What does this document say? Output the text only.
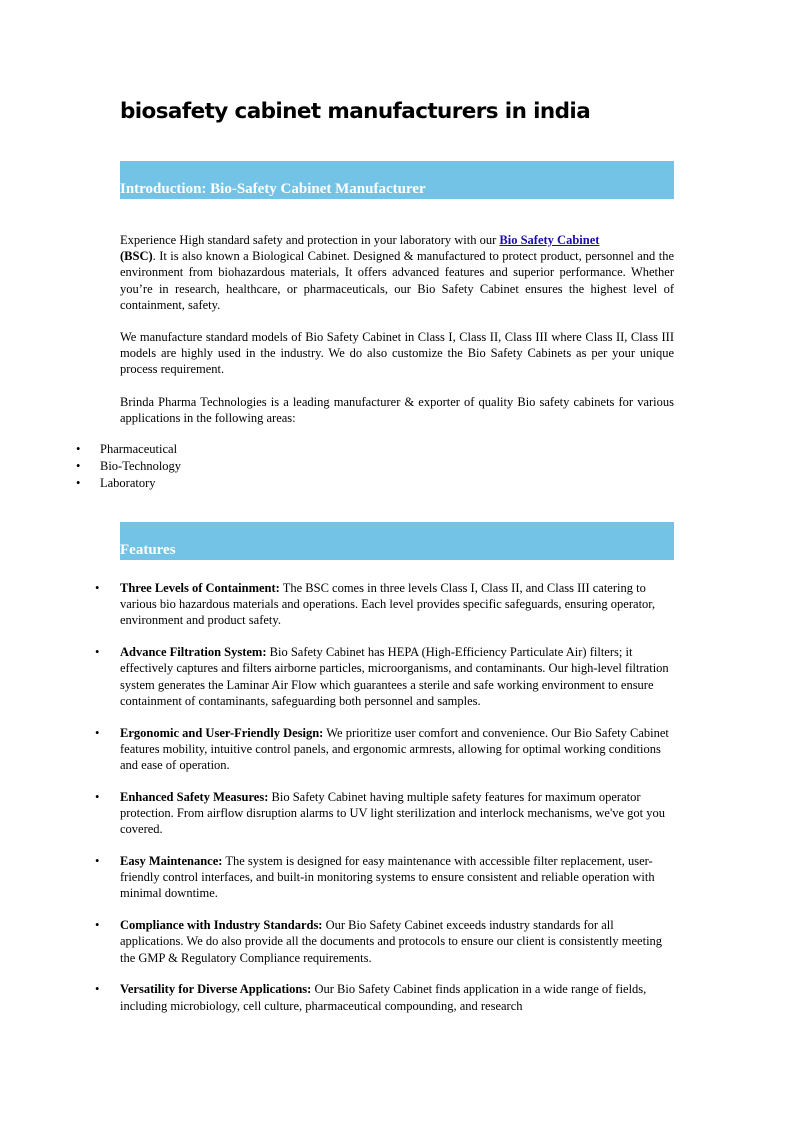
biosafety cabinet manufacturers in india
Introduction: Bio-Safety Cabinet Manufacturer

Experience High standard safety and protection in your laboratory with our Bio Safety Cabinet
(BSC). It is also known a Biological Cabinet. Designed & manufactured to protect product, personnel and the environment from biohazardous materials, It offers advanced features and superior performance. Whether you’re in research, healthcare, or pharmaceuticals, our Bio Safety Cabinet ensures the highest level of containment, safety.

We manufacture standard models of Bio Safety Cabinet in Class I, Class II, Class III where Class II, Class III models are highly used in the industry. We do also customize the Bio Safety Cabinets as per your unique process requirement.

Brinda Pharma Technologies is a leading manufacturer & exporter of quality Bio safety cabinets for various applications in the following areas:

• Pharmaceutical
• Bio-Technology
• Laboratory
Features
• Three Levels of Containment: The BSC comes in three levels Class I, Class II, and Class III catering to various bio hazardous materials and operations. Each level provides specific safeguards, ensuring operator, environment and product safety.
• Advance Filtration System: Bio Safety Cabinet has HEPA (High-Efficiency Particulate Air) filters; it effectively captures and filters airborne particles, microorganisms, and contaminants. Our high-level filtration system generates the Laminar Air Flow which guarantees a sterile and safe working environment to ensure containment of contaminants, safeguarding both personnel and samples.
• Ergonomic and User-Friendly Design: We prioritize user comfort and convenience. Our Bio Safety Cabinet features mobility, intuitive control panels, and ergonomic armrests, allowing for optimal working conditions and ease of operation.
• Enhanced Safety Measures: Bio Safety Cabinet having multiple safety features for maximum operator protection. From airflow disruption alarms to UV light sterilization and interlock mechanisms, we've got you covered.
• Easy Maintenance: The system is designed for easy maintenance with accessible filter replacement, user-friendly control interfaces, and built-in monitoring systems to ensure consistent and reliable operation with minimal downtime.
• Compliance with Industry Standards: Our Bio Safety Cabinet exceeds industry standards for all applications. We do also provide all the documents and protocols to ensure our client is consistently meeting the GMP & Regulatory Compliance requirements.
• Versatility for Diverse Applications: Our Bio Safety Cabinet finds application in a wide range of fields, including microbiology, cell culture, pharmaceutical compounding, and research
